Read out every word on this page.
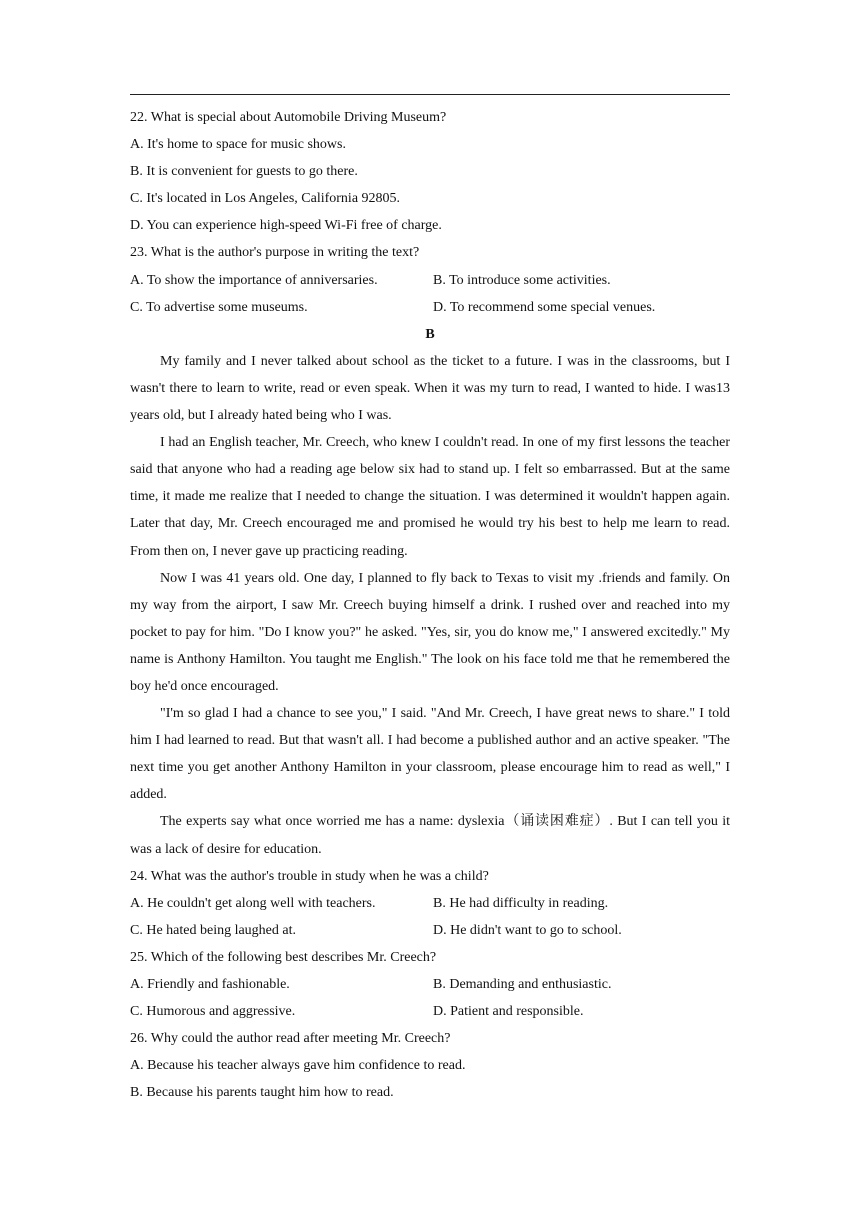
22. What is special about Automobile Driving Museum?
A. It's home to space for music shows.
B. It is convenient for guests to go there.
C. It's located in Los Angeles, California 92805.
D. You can experience high-speed Wi-Fi free of charge.
23. What is the author's purpose in writing the text?
A. To show the importance of anniversaries.	B. To introduce some activities.
C. To advertise some museums.	D. To recommend some special venues.
B

My family and I never talked about school as the ticket to a future. I was in the classrooms, but I wasn't there to learn to write, read or even speak. When it was my turn to read, I wanted to hide. I was13 years old, but I already hated being who I was.

I had an English teacher, Mr. Creech, who knew I couldn't read. In one of my first lessons the teacher said that anyone who had a reading age below six had to stand up. I felt so embarrassed. But at the same time, it made me realize that I needed to change the situation. I was determined it wouldn't happen again. Later that day, Mr. Creech encouraged me and promised he would try his best to help me learn to read. From then on, I never gave up practicing reading.

Now I was 41 years old. One day, I planned to fly back to Texas to visit my .friends and family. On my way from the airport, I saw Mr. Creech buying himself a drink. I rushed over and reached into my pocket to pay for him. "Do I know you?" he asked. "Yes, sir, you do know me," I answered excitedly." My name is Anthony Hamilton. You taught me English." The look on his face told me that he remembered the boy he'd once encouraged.

"I'm so glad I had a chance to see you," I said. "And Mr. Creech, I have great news to share." I told him I had learned to read. But that wasn't all. I had become a published author and an active speaker. "The next time you get another Anthony Hamilton in your classroom, please encourage him to read as well," I added.

The experts say what once worried me has a name: dyslexia（诵读困难症）. But I can tell you it was a lack of desire for education.

24. What was the author's trouble in study when he was a child?
A. He couldn't get along well with teachers.	B. He had difficulty in reading.
C. He hated being laughed at.	D. He didn't want to go to school.
25. Which of the following best describes Mr. Creech?
A. Friendly and fashionable.	B. Demanding and enthusiastic.
C. Humorous and aggressive.	D. Patient and responsible.
26. Why could the author read after meeting Mr. Creech?
A. Because his teacher always gave him confidence to read.
B. Because his parents taught him how to read.
